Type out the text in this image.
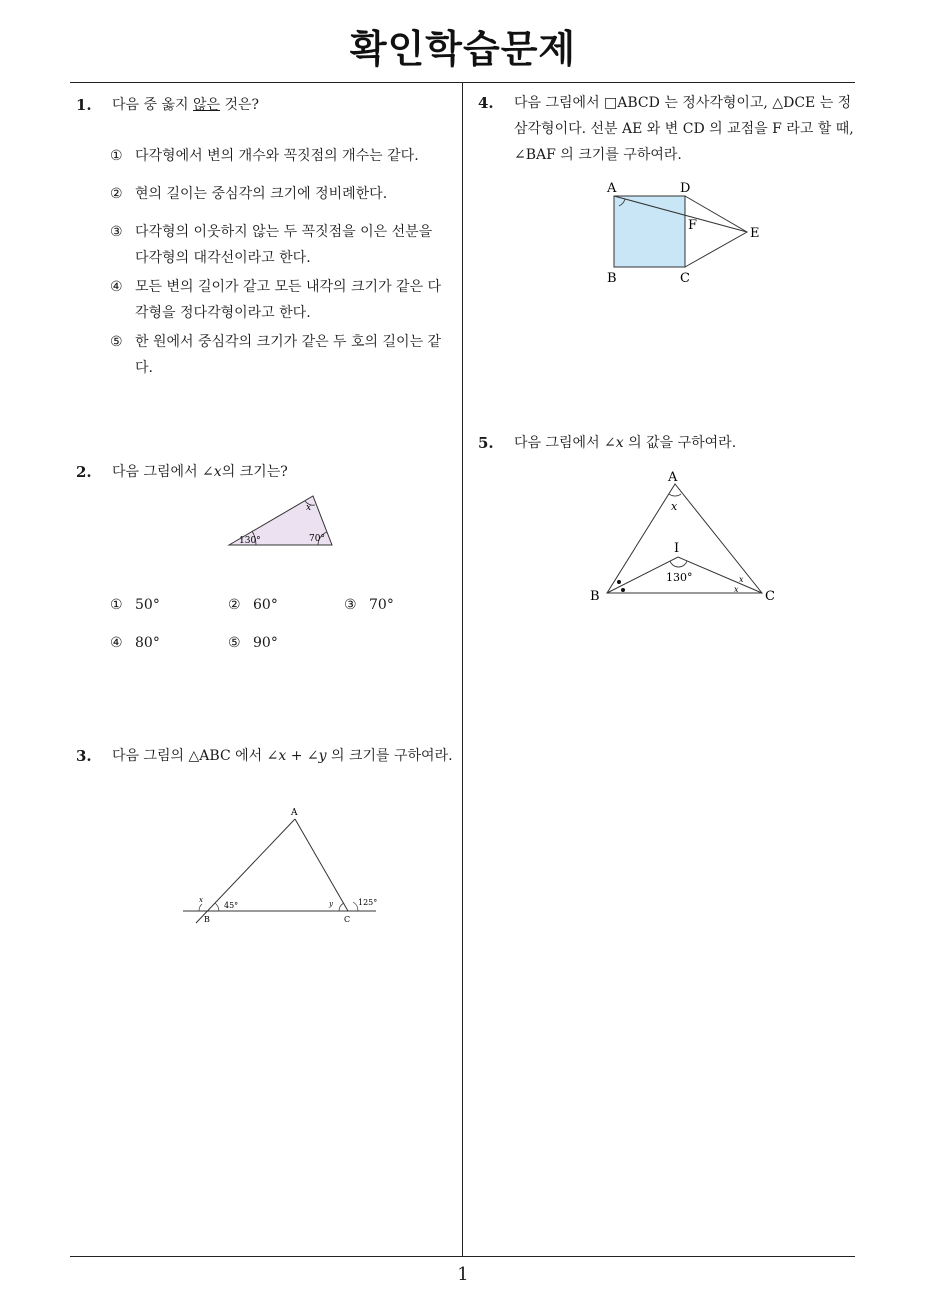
확인학습문제
1
1. 다음 중 옳지 않은 것은?
① 다각형에서 변의 개수와 꼭짓점의 개수는 같다.
② 현의 길이는 중심각의 크기에 정비례한다.
③ 다각형의 이웃하지 않는 두 꼭짓점을 이은 선분을 다각형의 대각선이라고 한다.
④ 모든 변의 길이가 같고 모든 내각의 크기가 같은 다각형을 정다각형이라고 한다.
⑤ 한 원에서 중심각의 크기가 같은 두 호의 길이는 같다.
2. 다음 그림에서 ∠x의 크기는?
x
130°	70°
① 50°	② 60°	③ 70°
④ 80°	⑤ 90°
3. 다음 그림의 △ABC 에서 ∠x + ∠y 의 크기를 구하여라.
A
B	C
x	y
45°	125°
4. 다음 그림에서 □ABCD 는 정사각형이고, △DCE 는 정삼각형이다. 선분 AE 와 변 CD 의 교점을 F 라고 할 때, ∠BAF 의 크기를 구하여라.
A	D
B	C
E
F
5. 다음 그림에서 ∠x 의 값을 구하여라.
A
B	C
I
x
130°	x
x
